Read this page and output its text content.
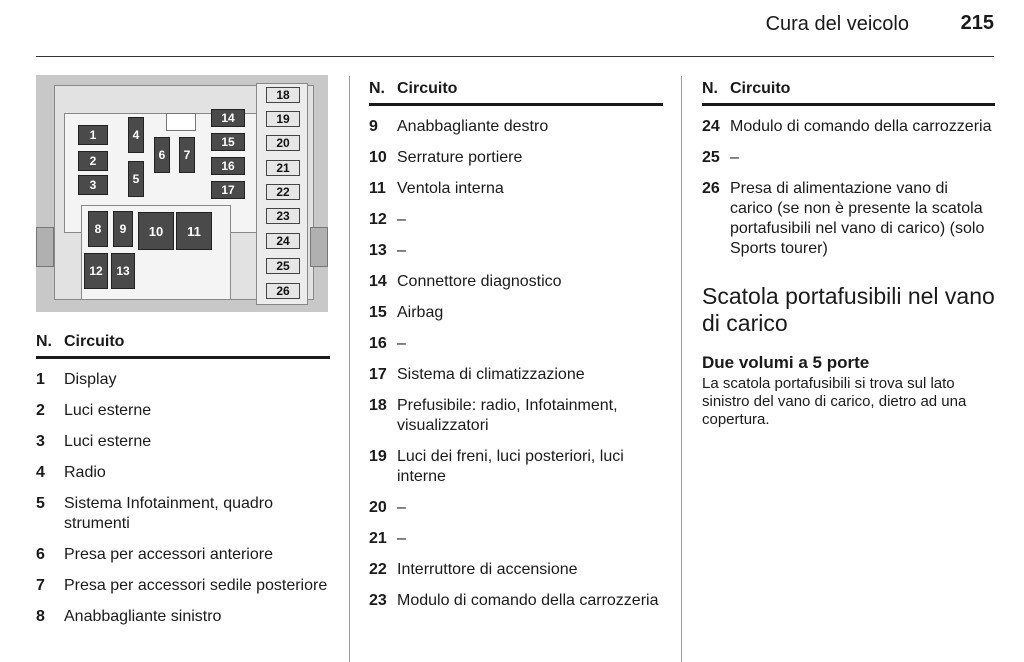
Cura del veicolo	215
1
2
3
4
5
6	7
8	9	10	11
12	13
14
15
16
17
18
19
20
21
22
23
24
25
26
N. Circuito
1	Display
2	Luci esterne
3	Luci esterne
4	Radio
5	Sistema Infotainment, quadro strumenti
6	Presa per accessori anteriore
7	Presa per accessori sedile posteriore
8	Anabbagliante sinistro
N. Circuito
9	Anabbagliante destro
10 Serrature portiere
11 Ventola interna
12 –
13 –
14 Connettore diagnostico
15 Airbag
16 –
17 Sistema di climatizzazione
18 Prefusibile: radio, Infotainment, visualizzatori
19 Luci dei freni, luci posteriori, luci interne
20 –
21 –
22 Interruttore di accensione
23 Modulo di comando della carrozzeria
N. Circuito
24 Modulo di comando della carrozzeria
25 –
26 Presa di alimentazione vano di carico (se non è presente la scatola portafusibili nel vano di carico) (solo Sports tourer)
Scatola portafusibili nel vano di carico
Due volumi a 5 porte
La scatola portafusibili si trova sul lato sinistro del vano di carico, dietro ad una copertura.
